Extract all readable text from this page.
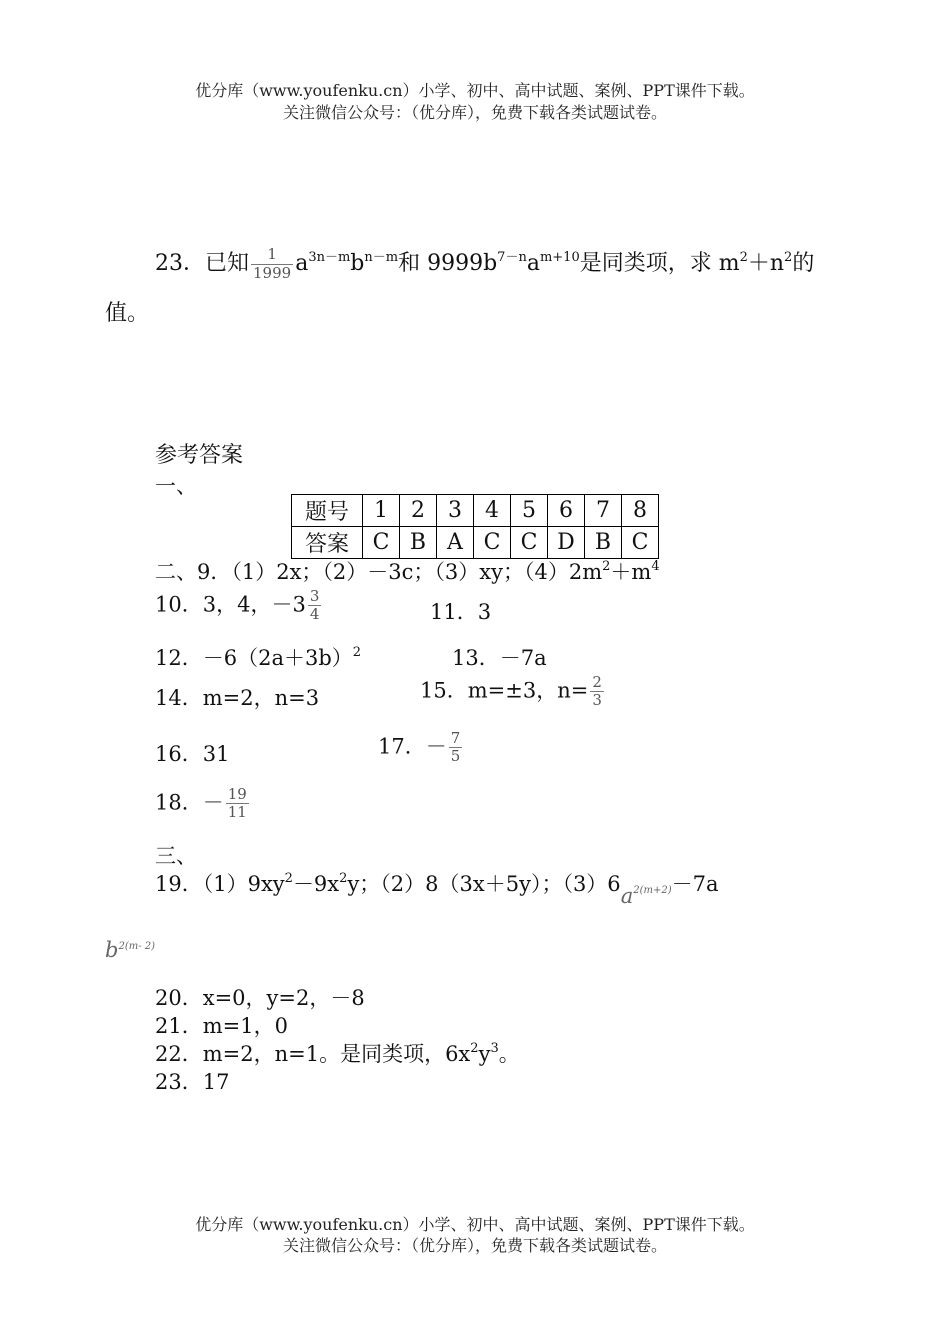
优分库（www.youfenku.cn）小学、初中、高中试题、案例、PPT课件下载。
关注微信公众号：（优分库），免费下载各类试题试卷。
23．已知 $\frac{1}{1999} a^{3n-m}b^{n-m}$和 $9999b^{7-n}a^{m+10}$是同类项，求 $m^2+n^2$的
值。
参考答案
一、
题号	1	2	3	4	5	6	7	8
答案	C	B	A	C	C	D	B	C
二、9．（1）2x；（2）－3c；（3）xy；$(4)2m^2+m^4$
10．3，4，$-3 \frac{3}{4}$	11．3
12．$-6(2a+3b)^2$	13．－7a
14．m=2，n=3	15．m=±3，$n= \frac{2}{3}$
16．31	17．－ $\frac{7}{5}$
18．－ $\frac{19}{11}$
三、
19．$(1)9xy^2-9x^2y$；（2）8（3x＋5y）；（3）6a2(m+2)－7a
$b^{2(m- 2)}$
20．x=0，y=2，－8
21．m=1，0
22．m=2，n=1。是同类项，$6x^2y^3$。
23．17
优分库（www.youfenku.cn）小学、初中、高中试题、案例、PPT课件下载。
关注微信公众号：（优分库），免费下载各类试题试卷。
